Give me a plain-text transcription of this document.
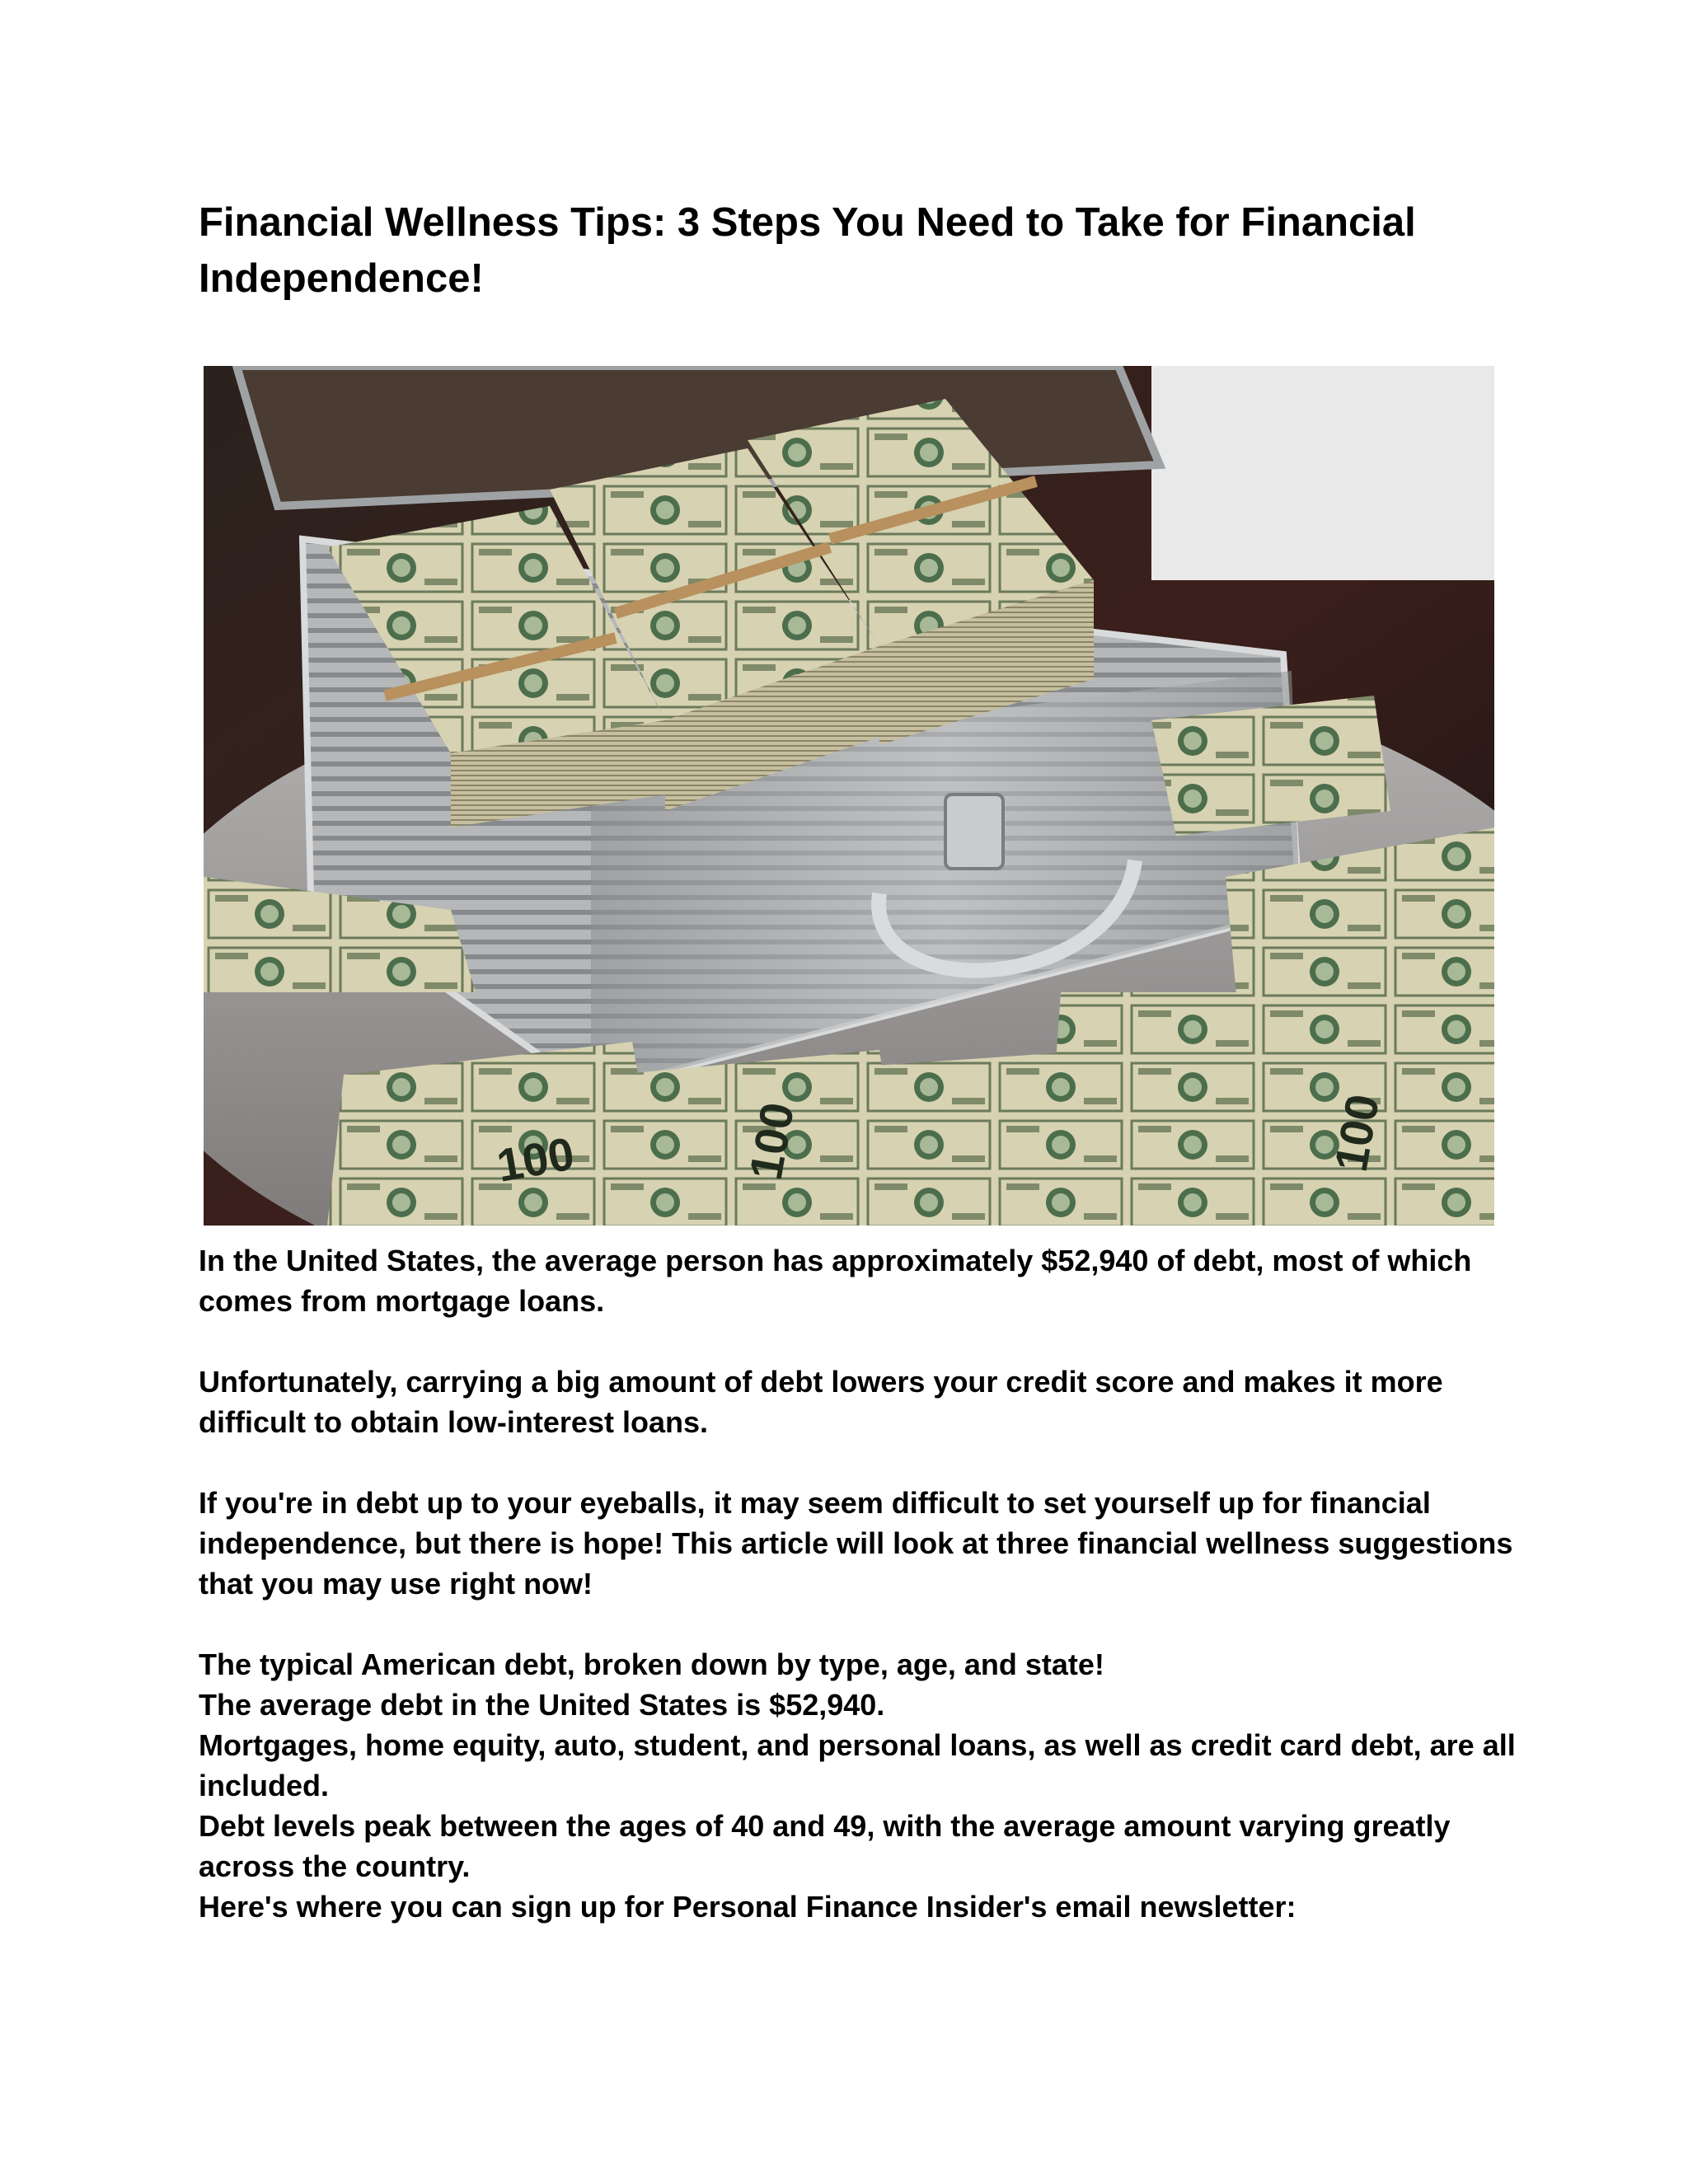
Financial Wellness Tips: 3 Steps You Need to Take for Financial Independence!
100	100	100

In the United States, the average person has approximately $52,940 of debt, most of which comes from mortgage loans.

Unfortunately, carrying a big amount of debt lowers your credit score and makes it more difficult to obtain low-interest loans.

If you're in debt up to your eyeballs, it may seem difficult to set yourself up for financial independence, but there is hope! This article will look at three financial wellness suggestions that you may use right now!

The typical American debt, broken down by type, age, and state!
The average debt in the United States is $52,940.
Mortgages, home equity, auto, student, and personal loans, as well as credit card debt, are all included.
Debt levels peak between the ages of 40 and 49, with the average amount varying greatly across the country.
Here's where you can sign up for Personal Finance Insider's email newsletter:
